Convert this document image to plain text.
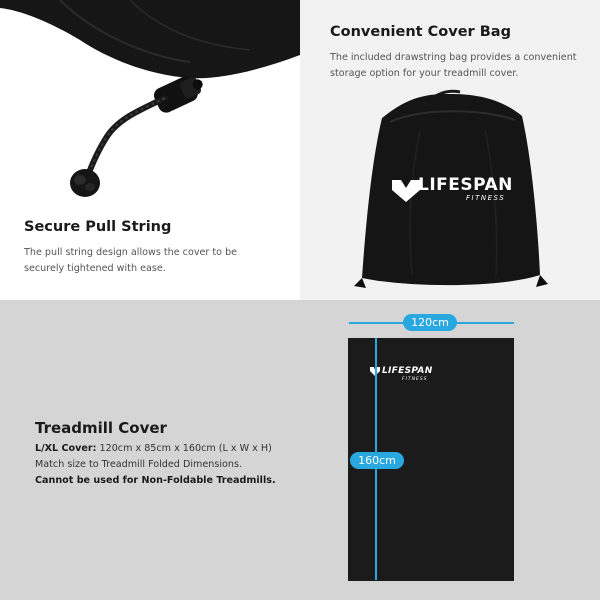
Secure Pull String
The pull string design allows the cover to be securely tightened with ease.
Convenient Cover Bag
The included drawstring bag provides a convenient storage option for your treadmill cover.
LIFESPAN
FITNESS
Treadmill Cover
L/XL Cover: 120cm x 85cm x 160cm (L x W x H)
Match size to Treadmill Folded Dimensions.
Cannot be used for Non-Foldable Treadmills.
LIFESPAN
FITNESS
120cm
160cm
